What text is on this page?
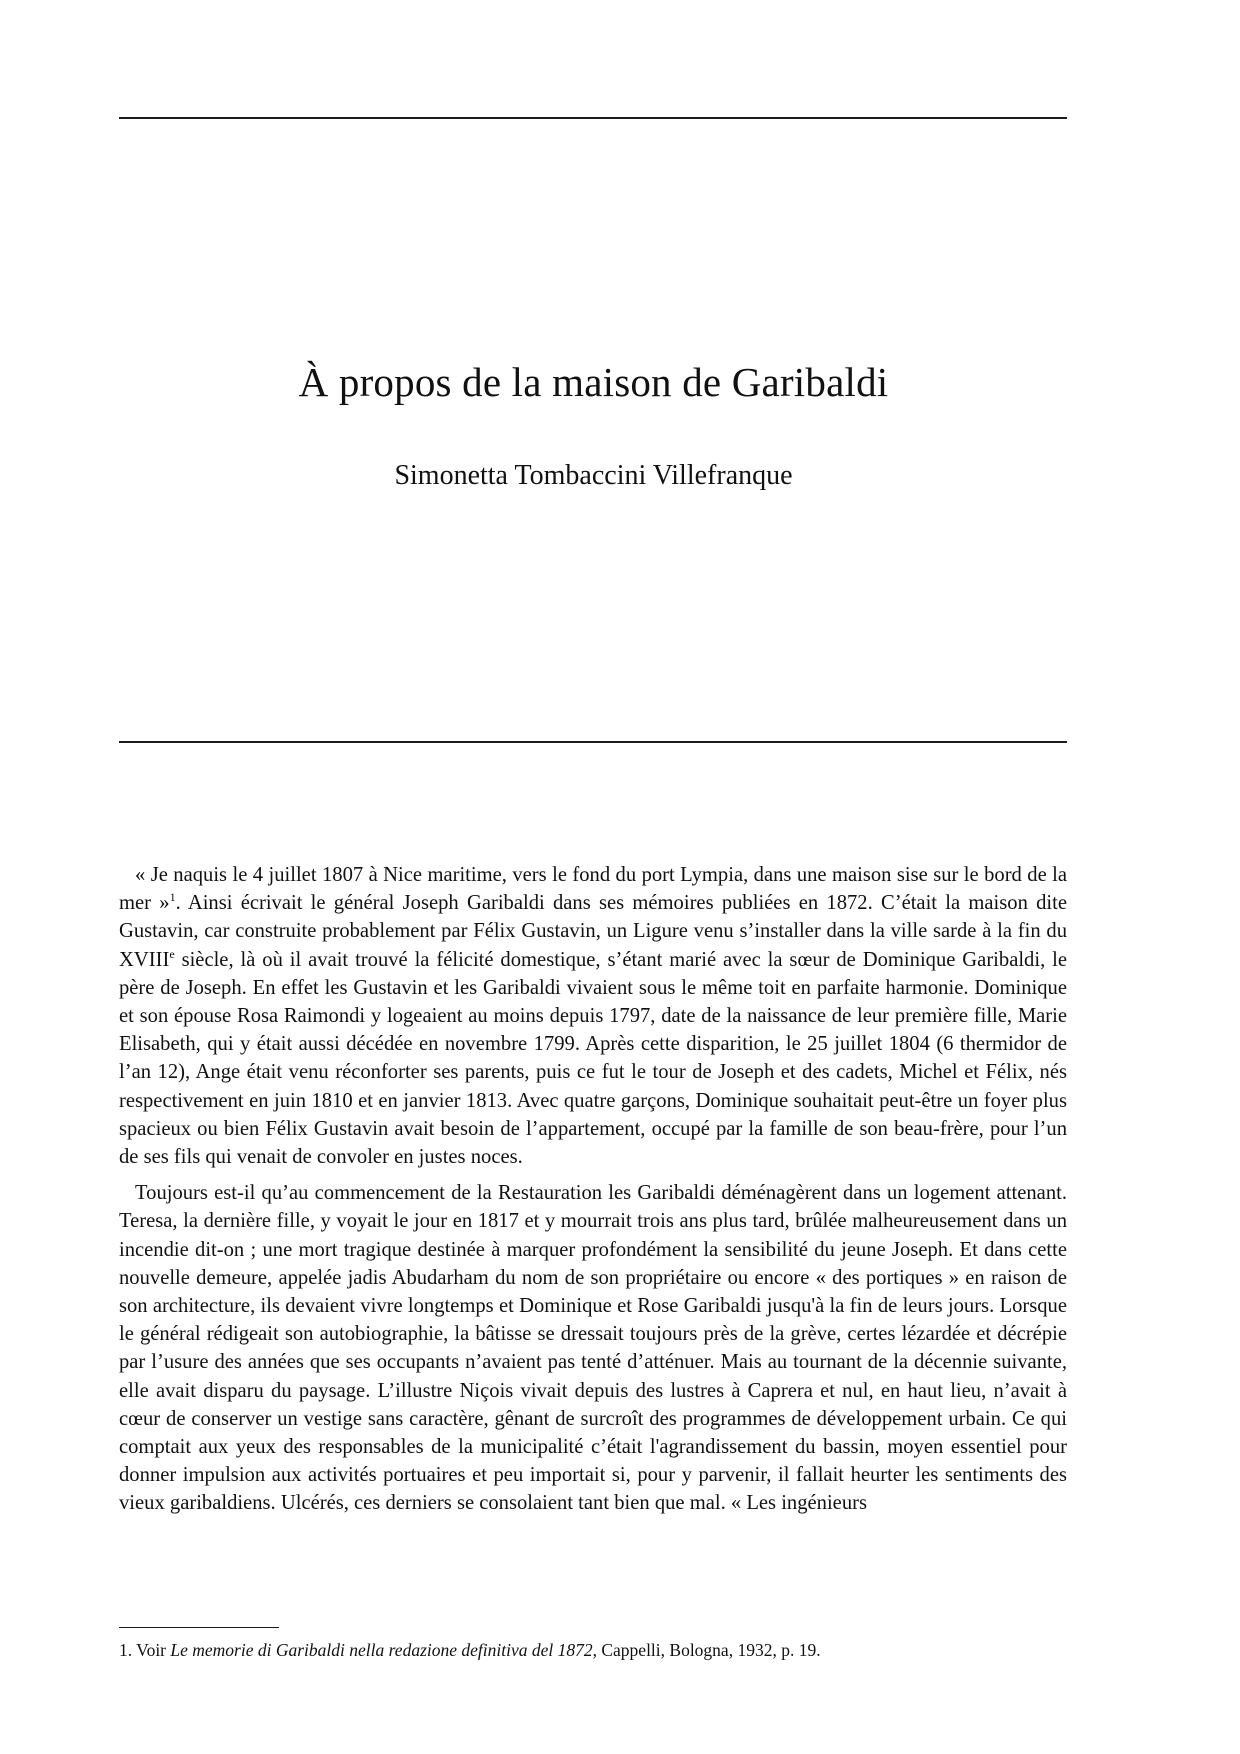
À propos de la maison de Garibaldi

Simonetta Tombaccini Villefranque

« Je naquis le 4 juillet 1807 à Nice maritime, vers le fond du port Lympia, dans une maison sise sur le bord de la mer »$^1$. Ainsi écrivait le général Joseph Garibaldi dans ses mémoires publiées en 1872. C’était la maison dite Gustavin, car construite probablement par Félix Gustavin, un Ligure venu s’installer dans la ville sarde à la fin du XVIIIe siècle, là où il avait trouvé la félicité domestique, s’étant marié avec la sœur de Dominique Garibaldi, le père de Joseph. En effet les Gustavin et les Garibaldi vivaient sous le même toit en parfaite harmonie. Dominique et son épouse Rosa Raimondi y logeaient au moins depuis 1797, date de la naissance de leur première fille, Marie Elisabeth, qui y était aussi décédée en novembre 1799. Après cette disparition, le 25 juillet 1804 (6 thermidor de l’an 12), Ange était venu réconforter ses parents, puis ce fut le tour de Joseph et des cadets, Michel et Félix, nés respectivement en juin 1810 et en janvier 1813. Avec quatre garçons, Dominique souhaitait peut-être un foyer plus spacieux ou bien Félix Gustavin avait besoin de l’appartement, occupé par la famille de son beau-frère, pour l’un de ses fils qui venait de convoler en justes noces.

Toujours est-il qu’au commencement de la Restauration les Garibaldi déménagèrent dans un logement attenant. Teresa, la dernière fille, y voyait le jour en 1817 et y mourrait trois ans plus tard, brûlée malheureusement dans un incendie dit-on ; une mort tragique destinée à marquer profondément la sensibilité du jeune Joseph. Et dans cette nouvelle demeure, appelée jadis Abudarham du nom de son propriétaire ou encore « des portiques » en raison de son architecture, ils devaient vivre longtemps et Dominique et Rose Garibaldi jusqu'à la fin de leurs jours. Lorsque le général rédigeait son autobiographie, la bâtisse se dressait toujours près de la grève, certes lézardée et décrépie par l’usure des années que ses occupants n’avaient pas tenté d’atténuer. Mais au tournant de la décennie suivante, elle avait disparu du paysage. L’illustre Niçois vivait depuis des lustres à Caprera et nul, en haut lieu, n’avait à cœur de conserver un vestige sans caractère, gênant de surcroît des programmes de développement urbain. Ce qui comptait aux yeux des responsables de la municipalité c’était l'agrandissement du bassin, moyen essentiel pour donner impulsion aux activités portuaires et peu importait si, pour y parvenir, il fallait heurter les sentiments des vieux garibaldiens. Ulcérés, ces derniers se consolaient tant bien que mal. « Les ingénieurs

1. Voir Le memorie di Garibaldi nella redazione definitiva del 1872, Cappelli, Bologna, 1932, p. 19.
